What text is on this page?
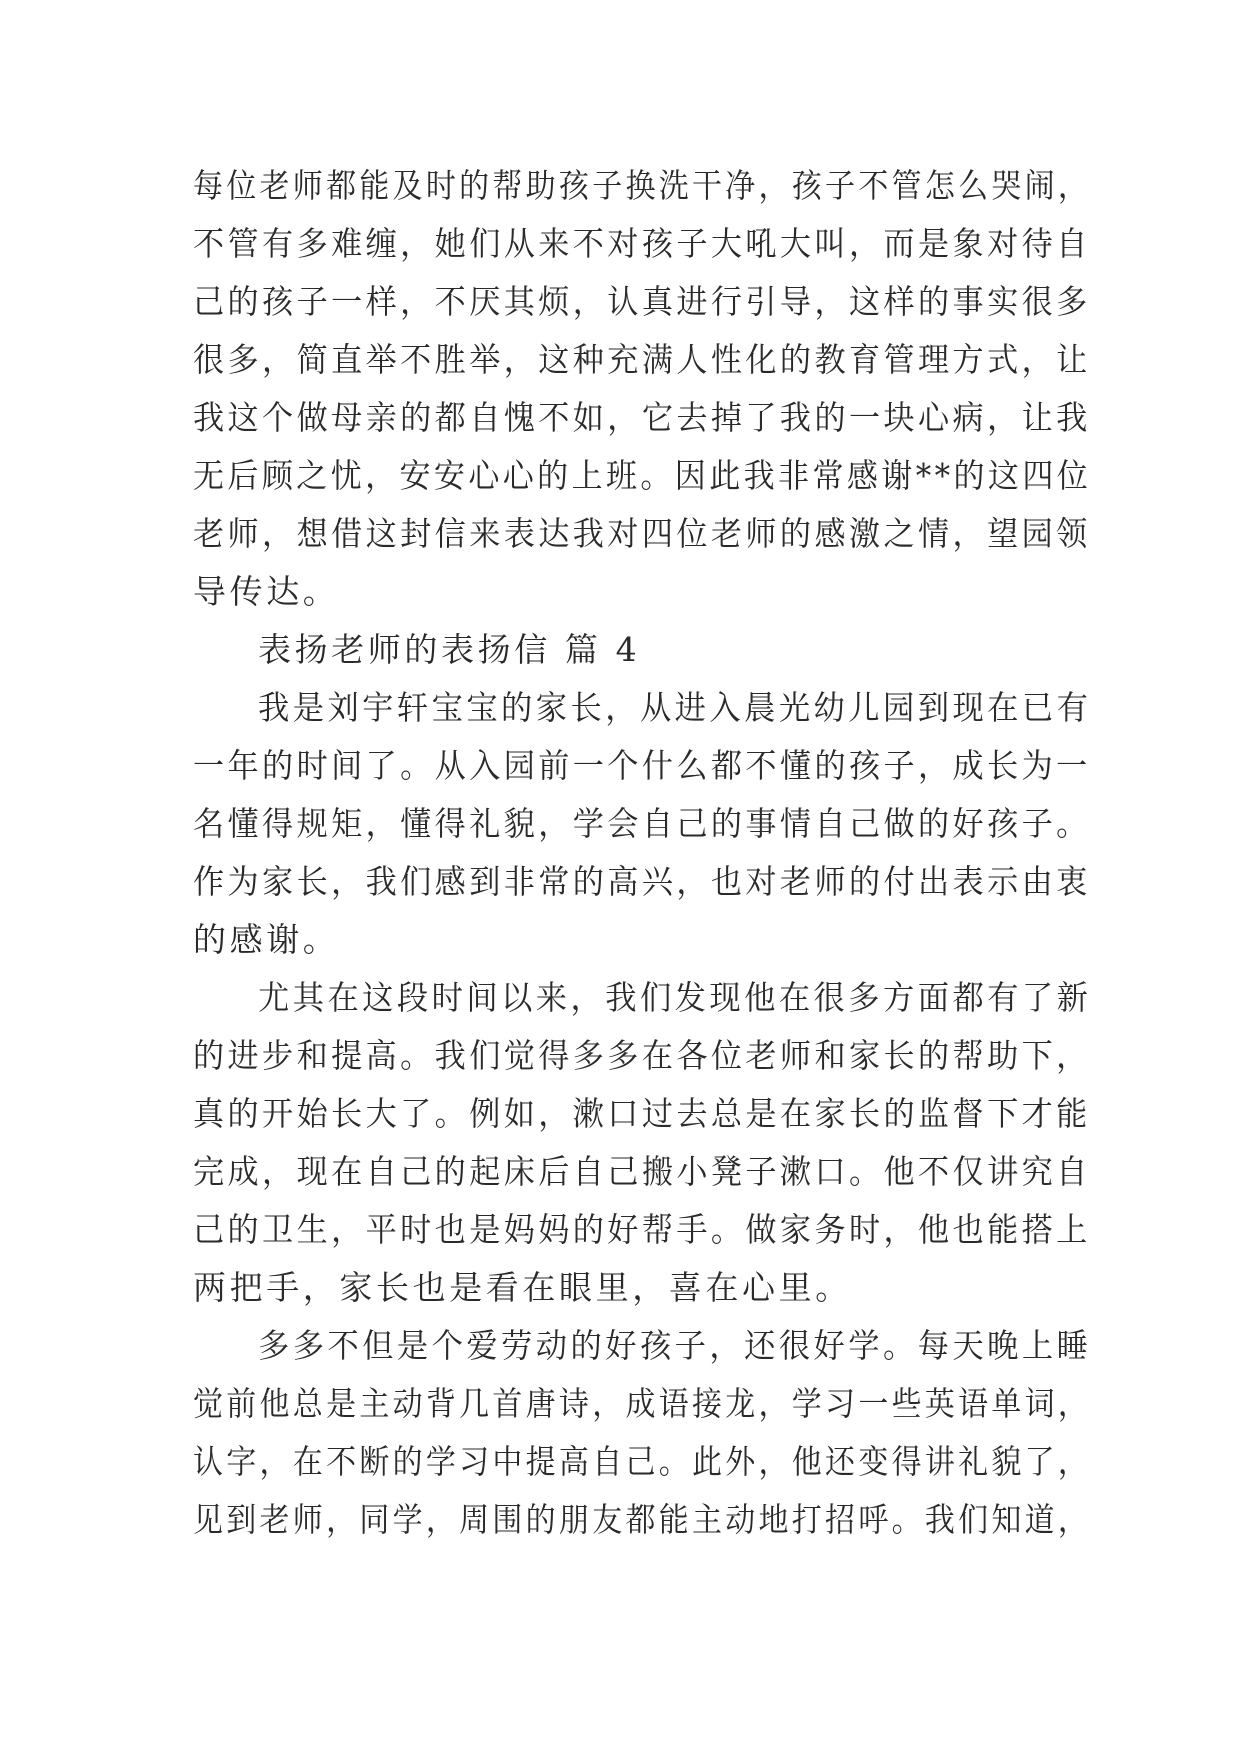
每位老师都能及时的帮助孩子换洗干净，孩子不管怎么哭闹，
不管有多难缠，她们从来不对孩子大吼大叫，而是象对待自
己的孩子一样，不厌其烦，认真进行引导，这样的事实很多
很多，简直举不胜举，这种充满人性化的教育管理方式，让
我这个做母亲的都自愧不如，它去掉了我的一块心病，让我
无后顾之忧，安安心心的上班。因此我非常感谢**的这四位
老师，想借这封信来表达我对四位老师的感激之情，望园领
导传达。
表扬老师的表扬信 篇 4
我是刘宇轩宝宝的家长，从进入晨光幼儿园到现在已有
一年的时间了。从入园前一个什么都不懂的孩子，成长为一
名懂得规矩，懂得礼貌，学会自己的事情自己做的好孩子。
作为家长，我们感到非常的高兴，也对老师的付出表示由衷
的感谢。
尤其在这段时间以来，我们发现他在很多方面都有了新
的进步和提高。我们觉得多多在各位老师和家长的帮助下，
真的开始长大了。例如，漱口过去总是在家长的监督下才能
完成，现在自己的起床后自己搬小凳子漱口。他不仅讲究自
己的卫生，平时也是妈妈的好帮手。做家务时，他也能搭上
两把手，家长也是看在眼里，喜在心里。
多多不但是个爱劳动的好孩子，还很好学。每天晚上睡
觉前他总是主动背几首唐诗，成语接龙，学习一些英语单词，
认字，在不断的学习中提高自己。此外，他还变得讲礼貌了，
见到老师，同学，周围的朋友都能主动地打招呼。我们知道，
